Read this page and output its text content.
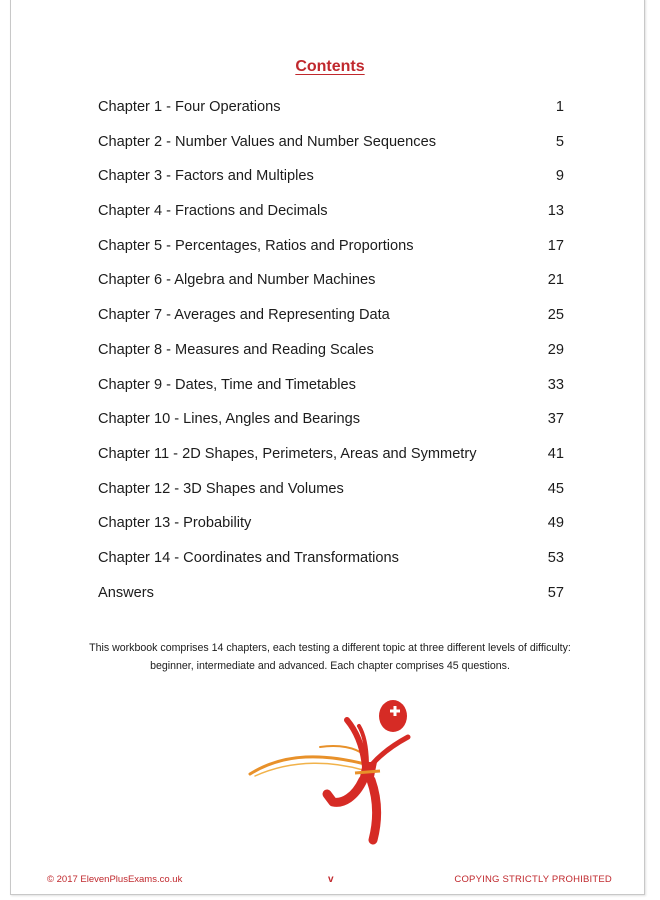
Contents
Chapter 1 - Four Operations	1
Chapter 2 - Number Values and Number Sequences	5
Chapter 3 - Factors and Multiples	9
Chapter 4 - Fractions and Decimals	13
Chapter 5 - Percentages, Ratios and Proportions	17
Chapter 6 - Algebra and Number Machines	21
Chapter 7 - Averages and Representing Data	25
Chapter 8 - Measures and Reading Scales	29
Chapter 9 - Dates, Time and Timetables	33
Chapter 10 - Lines, Angles and Bearings	37
Chapter 11 - 2D Shapes, Perimeters, Areas and Symmetry	41
Chapter 12 - 3D Shapes and Volumes	45
Chapter 13 - Probability	49
Chapter 14 - Coordinates and Transformations	53
Answers	57
This workbook comprises 14 chapters, each testing a different topic at three different levels of difficulty: beginner, intermediate and advanced. Each chapter comprises 45 questions.
© 2017 ElevenPlusExams.co.uk	v	COPYING STRICTLY PROHIBITED
